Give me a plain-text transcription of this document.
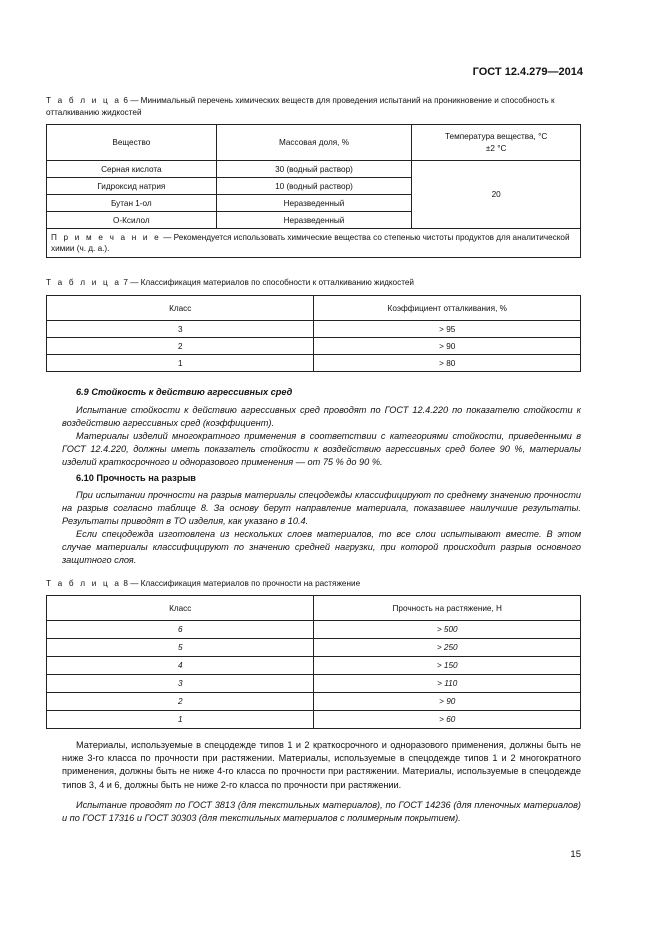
ГОСТ 12.4.279—2014
Т а б л и ц а 6 — Минимальный перечень химических веществ для проведения испытаний на проникновение и способность к отталкиванию жидкостей
Вещество	Массовая доля, %	Температура вещества, °С
±2 °С
Серная кислота	30 (водный раствор)	20
Гидроксид натрия	10 (водный раствор)	
Бутан 1-ол	Неразведенный	
О-Ксилол	Неразведенный	
П р и м е ч а н и е — Рекомендуется использовать химические вещества со степенью чистоты продуктов для аналитической химии (ч. д. а.).		
Т а б л и ц а 7 — Классификация материалов по способности к отталкиванию жидкостей
Класс	Коэффициент отталкивания, %
3	> 95
2	> 90
1	> 80
6.9 Стойкость к действию агрессивных сред
Испытание стойкости к действию агрессивных сред проводят по ГОСТ 12.4.220 по показателю стойкости к воздействию агрессивных сред (коэффициент).
Материалы изделий многократного применения в соответствии с категориями стойкости, приведенными в ГОСТ 12.4.220, должны иметь показатель стойкости к воздействию агрессивных сред более 90 %, материалы изделий краткосрочного и одноразового применения — от 75 % до 90 %.
6.10 Прочность на разрыв
При испытании прочности на разрыв материалы спецодежды классифицируют по среднему значению прочности на разрыв согласно таблице 8. За основу берут направление материала, показавшее наилучшие результаты. Результаты приводят в ТО изделия, как указано в 10.4.
Если спецодежда изготовлена из нескольких слоев материалов, то все слои испытывают вместе. В этом случае материалы классифицируют по значению средней нагрузки, при которой происходит разрыв основного защитного слоя.
Т а б л и ц а 8 — Классификация материалов по прочности на растяжение
Класс	Прочность на растяжение, Н
6	> 500
5	> 250
4	> 150
3	> 110
2	> 90
1	> 60
Материалы, используемые в спецодежде типов 1 и 2 краткосрочного и одноразового применения, должны быть не ниже 3-го класса по прочности при растяжении. Материалы, используемые в спецодежде типов 1 и 2 многократного применения, должны быть не ниже 4-го класса по прочности при растяжении. Материалы, используемые в спецодежде типов 3, 4 и 6, должны быть не ниже 2-го класса по прочности при растяжении.
Испытание проводят по ГОСТ 3813 (для текстильных материалов), по ГОСТ 14236 (для пленочных материалов) и по ГОСТ 17316 и ГОСТ 30303 (для текстильных материалов с полимерным покрытием).
15
